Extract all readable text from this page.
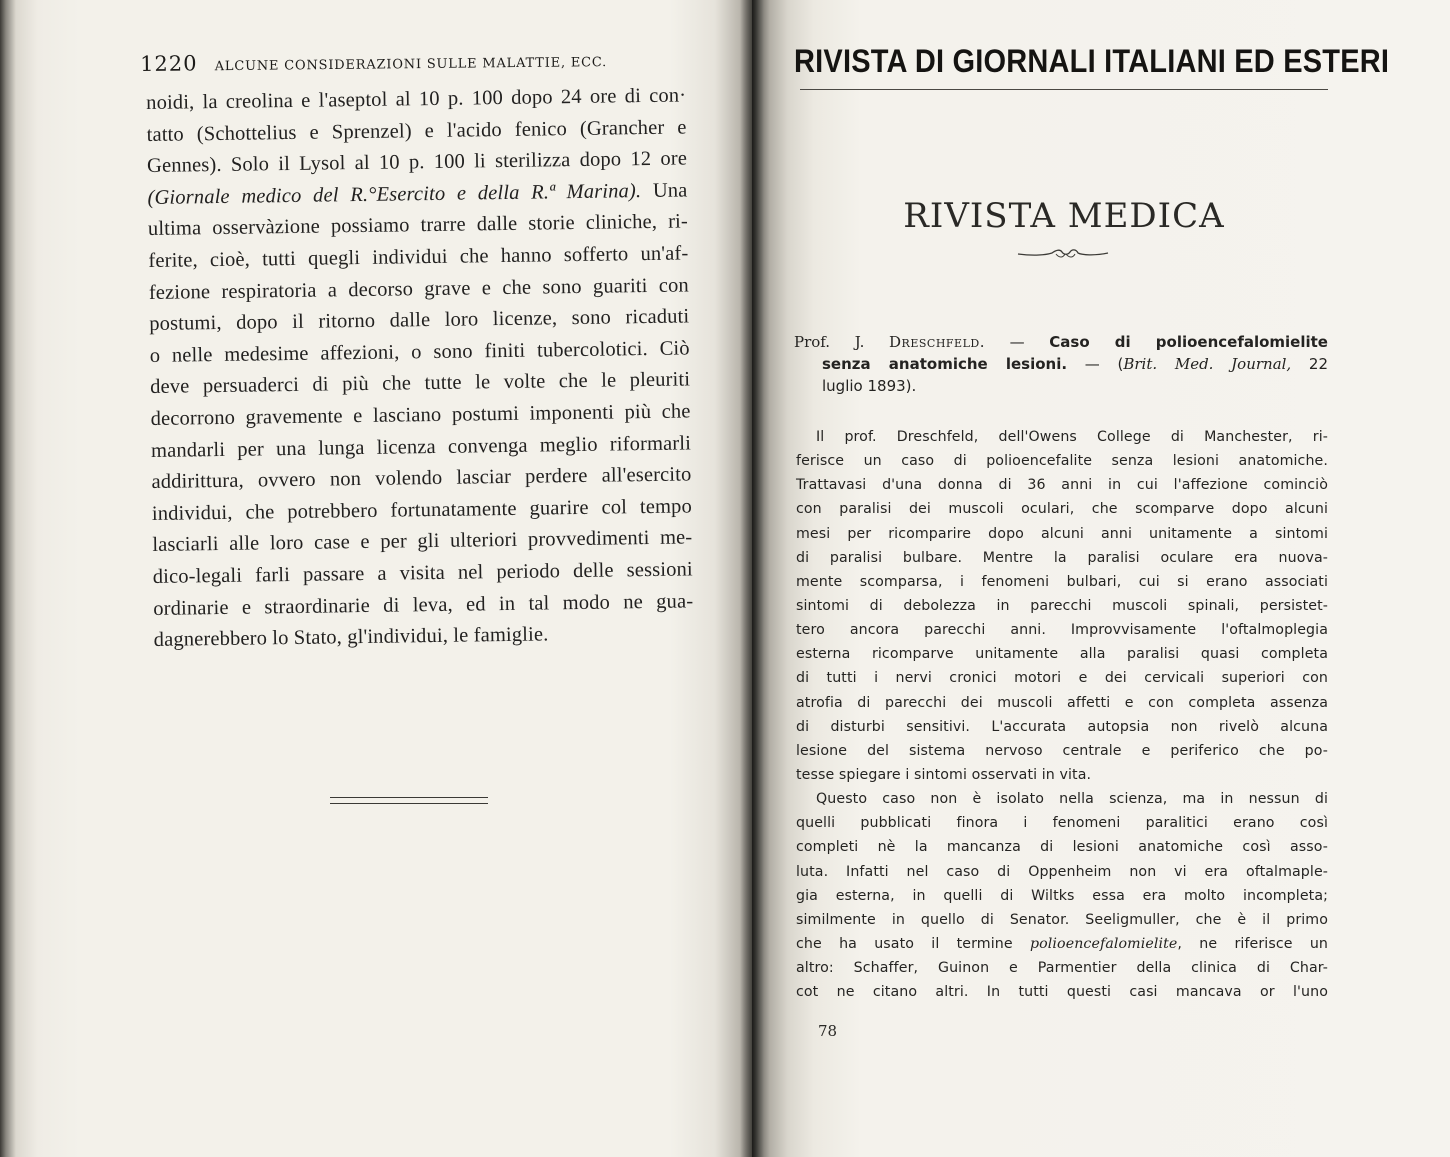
1220 ALCUNE CONSIDERAZIONI SULLE MALATTIE, ECC.
noidi, la creolina e l'aseptol al 10 p. 100 dopo 24 ore di con·
tatto (Schottelius e Sprenzel) e l'acido fenico (Grancher e
Gennes). Solo il Lysol al 10 p. 100 li sterilizza dopo 12 ore
(Giornale medico del R.°Esercito e della R.ª Marina). Una
ultima osservàzione possiamo trarre dalle storie cliniche, ri-
ferite, cioè, tutti quegli individui che hanno sofferto un'af-
fezione respiratoria a decorso grave e che sono guariti con
postumi, dopo il ritorno dalle loro licenze, sono ricaduti
o nelle medesime affezioni, o sono finiti tubercolotici. Ciò
deve persuaderci di più che tutte le volte che le pleuriti
decorrono gravemente e lasciano postumi imponenti più che
mandarli per una lunga licenza convenga meglio riformarli
addirittura, ovvero non volendo lasciar perdere all'esercito
individui, che potrebbero fortunatamente guarire col tempo
lasciarli alle loro case e per gli ulteriori provvedimenti me-
dico-legali farli passare a visita nel periodo delle sessioni
ordinarie e straordinarie di leva, ed in tal modo ne gua-
dagnerebbero lo Stato, gl'individui, le famiglie.
RIVISTA DI GIORNALI ITALIANI ED ESTERI
RIVISTA MEDICA
Prof. J. Dreschfeld. — Caso di polioencefalomielite
senza anatomiche lesioni. — (Brit. Med. Journal, 22
luglio 1893).
Il prof. Dreschfeld, dell'Owens College di Manchester, ri-
ferisce un caso di polioencefalite senza lesioni anatomiche.
Trattavasi d'una donna di 36 anni in cui l'affezione cominciò
con paralisi dei muscoli oculari, che scomparve dopo alcuni
mesi per ricomparire dopo alcuni anni unitamente a sintomi
di paralisi bulbare. Mentre la paralisi oculare era nuova-
mente scomparsa, i fenomeni bulbari, cui si erano associati
sintomi di debolezza in parecchi muscoli spinali, persistet-
tero ancora parecchi anni. Improvvisamente l'oftalmoplegia
esterna ricomparve unitamente alla paralisi quasi completa
di tutti i nervi cronici motori e dei cervicali superiori con
atrofia di parecchi dei muscoli affetti e con completa assenza
di disturbi sensitivi. L'accurata autopsia non rivelò alcuna
lesione del sistema nervoso centrale e periferico che po-
tesse spiegare i sintomi osservati in vita.
Questo caso non è isolato nella scienza, ma in nessun di
quelli pubblicati finora i fenomeni paralitici erano così
completi nè la mancanza di lesioni anatomiche così asso-
luta. Infatti nel caso di Oppenheim non vi era oftalmaple-
gia esterna, in quelli di Wiltks essa era molto incompleta;
similmente in quello di Senator. Seeligmuller, che è il primo
che ha usato il termine polioencefalomielite, ne riferisce un
altro: Schaffer, Guinon e Parmentier della clinica di Char-
cot ne citano altri. In tutti questi casi mancava or l'uno
78
